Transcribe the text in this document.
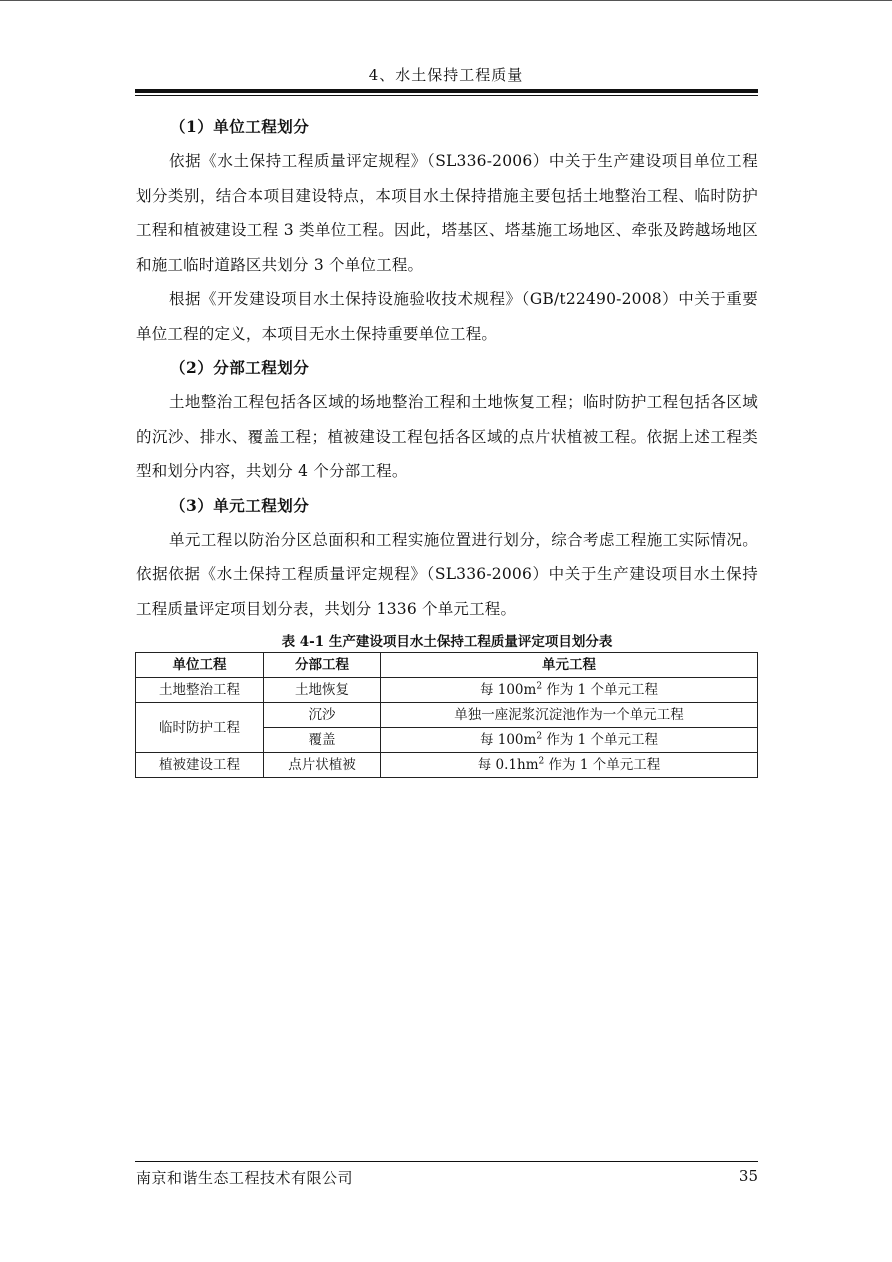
4、水土保持工程质量
（1）单位工程划分

依据《水土保持工程质量评定规程》（SL336-2006）中关于生产建设项目单位工程划分类别，结合本项目建设特点，本项目水土保持措施主要包括土地整治工程、临时防护工程和植被建设工程 3 类单位工程。因此，塔基区、塔基施工场地区、牵张及跨越场地区和施工临时道路区共划分 3 个单位工程。

根据《开发建设项目水土保持设施验收技术规程》（GB/t22490-2008）中关于重要单位工程的定义，本项目无水土保持重要单位工程。

（2）分部工程划分

土地整治工程包括各区域的场地整治工程和土地恢复工程；临时防护工程包括各区域的沉沙、排水、覆盖工程；植被建设工程包括各区域的点片状植被工程。依据上述工程类型和划分内容，共划分 4 个分部工程。

（3）单元工程划分

单元工程以防治分区总面积和工程实施位置进行划分，综合考虑工程施工实际情况。依据依据《水土保持工程质量评定规程》（SL336-2006）中关于生产建设项目水土保持工程质量评定项目划分表，共划分 1336 个单元工程。

表 4-1 生产建设项目水土保持工程质量评定项目划分表
单位工程	分部工程	单元工程
土地整治工程	土地恢复	每 $100m^2$ 作为 1 个单元工程
临时防护工程	沉沙	单独一座泥浆沉淀池作为一个单元工程
	覆盖	每 $100m^2$ 作为 1 个单元工程
植被建设工程	点片状植被	每 $0.1hm^2$ 作为 1 个单元工程
南京和谐生态工程技术有限公司	35
